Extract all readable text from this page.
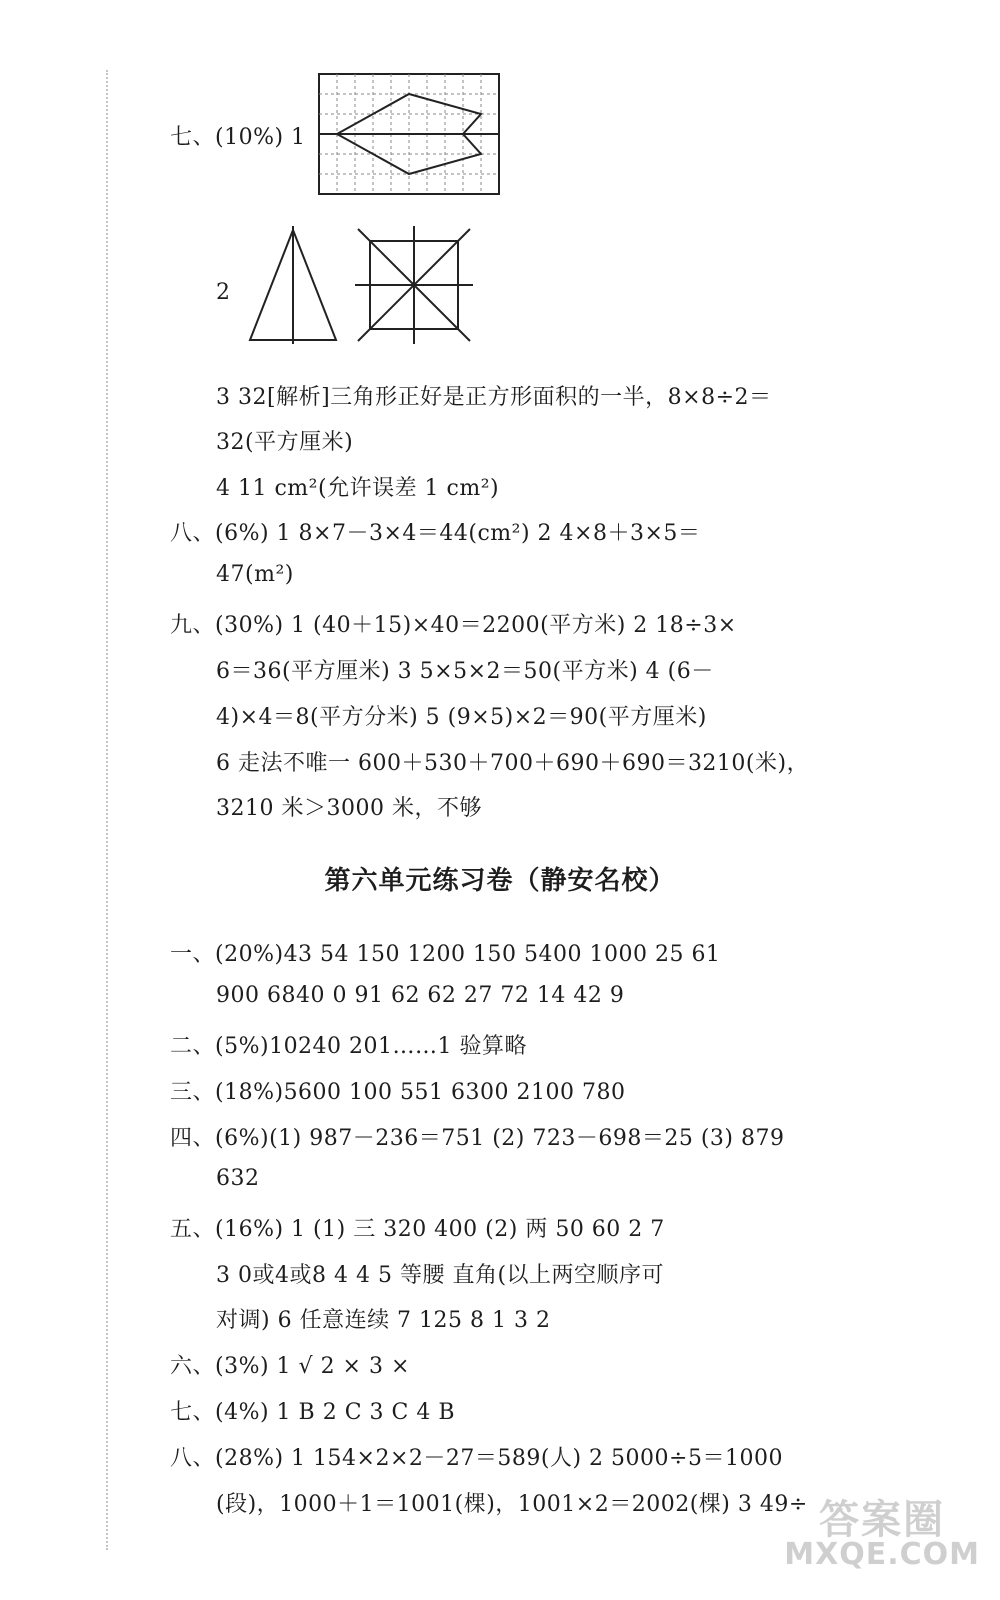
七、(10%) 1
2
3 32[解析]三角形正好是正方形面积的一半，8×8÷2＝
32(平方厘米)
4 11 cm²(允许误差 1 cm²)
八、(6%) 1 8×7－3×4＝44(cm²) 2 4×8＋3×5＝
47(m²)
九、(30%) 1 (40＋15)×40＝2200(平方米) 2 18÷3×
6＝36(平方厘米) 3 5×5×2＝50(平方米) 4 (6－
4)×4＝8(平方分米) 5 (9×5)×2＝90(平方厘米)
6 走法不唯一 600＋530＋700＋690＋690＝3210(米)，
3210 米＞3000 米，不够
第六单元练习卷（静安名校）
一、(20%)43 54 150 1200 150 5400 1000 25 61
900 6840 0 91 62 62 27 72 14 42 9
二、(5%)10240 201……1 验算略
三、(18%)5600 100 551 6300 2100 780
四、(6%)(1) 987－236＝751 (2) 723－698＝25 (3) 879
632
五、(16%) 1 (1) 三 320 400 (2) 两 50 60 2 7
3 0或4或8 4 4 5 等腰 直角(以上两空顺序可
对调) 6 任意连续 7 125 8 1 3 2
六、(3%) 1 √ 2 × 3 ×
七、(4%) 1 B 2 C 3 C 4 B
八、(28%) 1 154×2×2－27＝589(人) 2 5000÷5＝1000
(段)，1000＋1＝1001(棵)，1001×2＝2002(棵) 3 49÷ 答案圈
MXQE.COM
